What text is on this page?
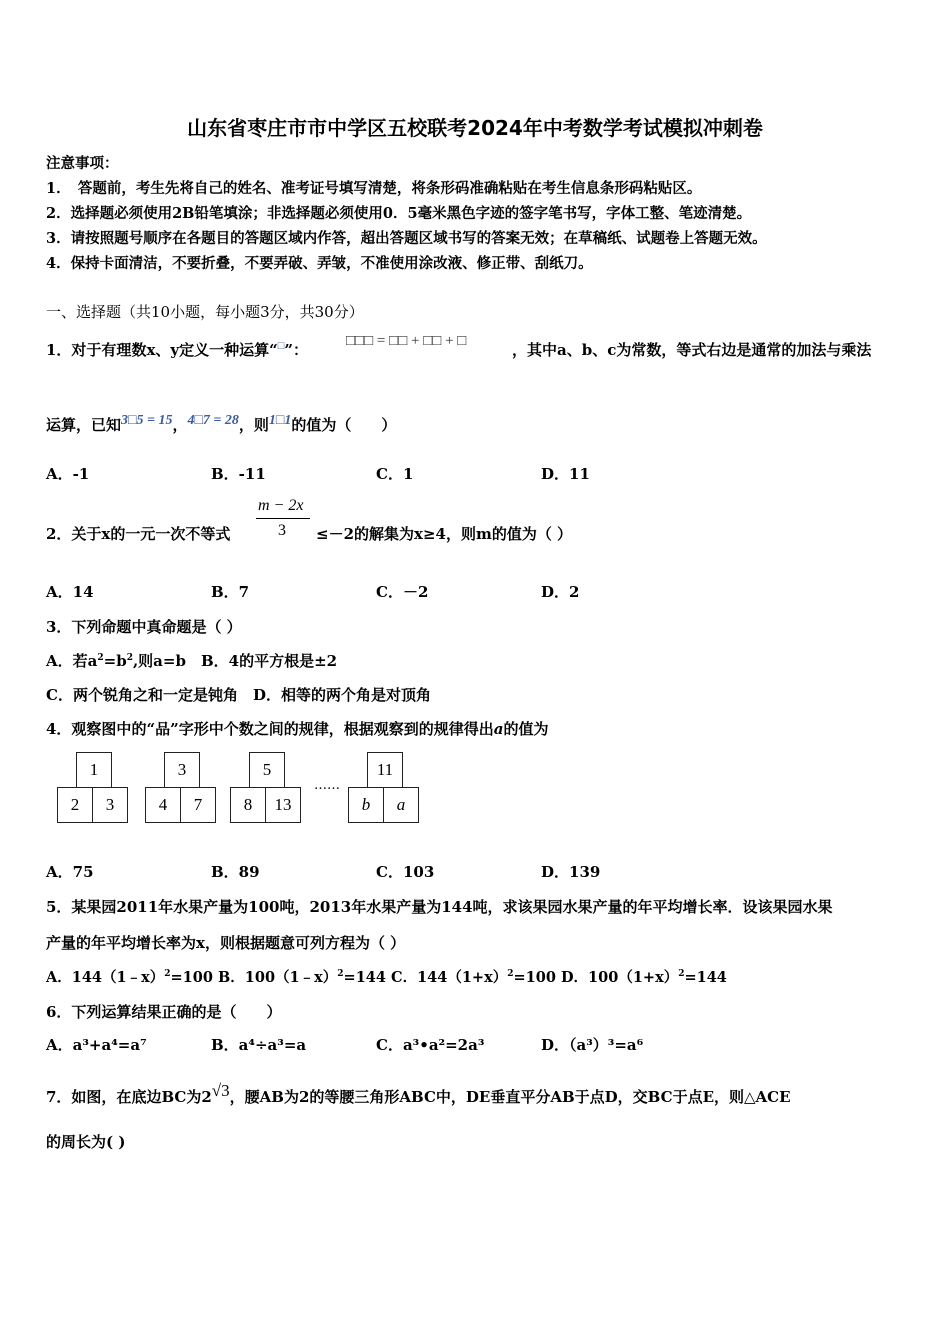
山东省枣庄市市中学区五校联考2024年中考数学考试模拟冲刺卷
注意事项：
1．　答题前，考生先将自己的姓名、准考证号填写清楚，将条形码准确粘贴在考生信息条形码粘贴区。
2．选择题必须使用2B铅笔填涂；非选择题必须使用0．5毫米黑色字迹的签字笔书写，字体工整、笔迹清楚。
3．请按照题号顺序在各题目的答题区域内作答，超出答题区域书写的答案无效；在草稿纸、试题卷上答题无效。
4．保持卡面清洁，不要折叠，不要弄破、弄皱，不准使用涂改液、修正带、刮纸刀。
一、选择题（共10小题，每小题3分，共30分）
1．对于有理数x、y定义一种运算“□”：	□□□ = □□ + □□ + □	，其中a、b、c为常数，等式右边是通常的加法与乘法
运算，已知3□5 = 15，4□7 = 28，则1□1的值为（　　）
A．-1	B．-11	C．1	D．11
2．关于x的一元一次不等式
m − 2x
3 ≤－2的解集为x≥4，则m的值为（ ）
A．14	B．7	C．－2	D．2
3．下列命题中真命题是（ ）
A．若$a^2=b^2$,则a=b　B．4的平方根是±2
C．两个锐角之和一定是钝角　D．相等的两个角是对顶角
4．观察图中的“品”字形中个数之间的规律，根据观察到的规律得出a的值为
1
2	3
3
4	7
5
8	13
……
11
b	a
A．75	B．89	C．103	D．139
5．某果园2011年水果产量为100吨，2013年水果产量为144吨，求该果园水果产量的年平均增长率．设该果园水果
产量的年平均增长率为x，则根据题意可列方程为（ ）
A．144（1﹣x）$^2$=100 B．100（1﹣x）$^2$=144 C．$144(1+x)^2=100$ D．$100(1+x)^2=144$
6．下列运算结果正确的是（　　）
A．a³+a⁴=a⁷	B．a⁴÷a³=a	C．a³•a²=2a³	D．（a³）³=a⁶
7．如图，在底边BC为2√3，腰AB为2的等腰三角形ABC中，DE垂直平分AB于点D，交BC于点E，则△ACE
的周长为( )
